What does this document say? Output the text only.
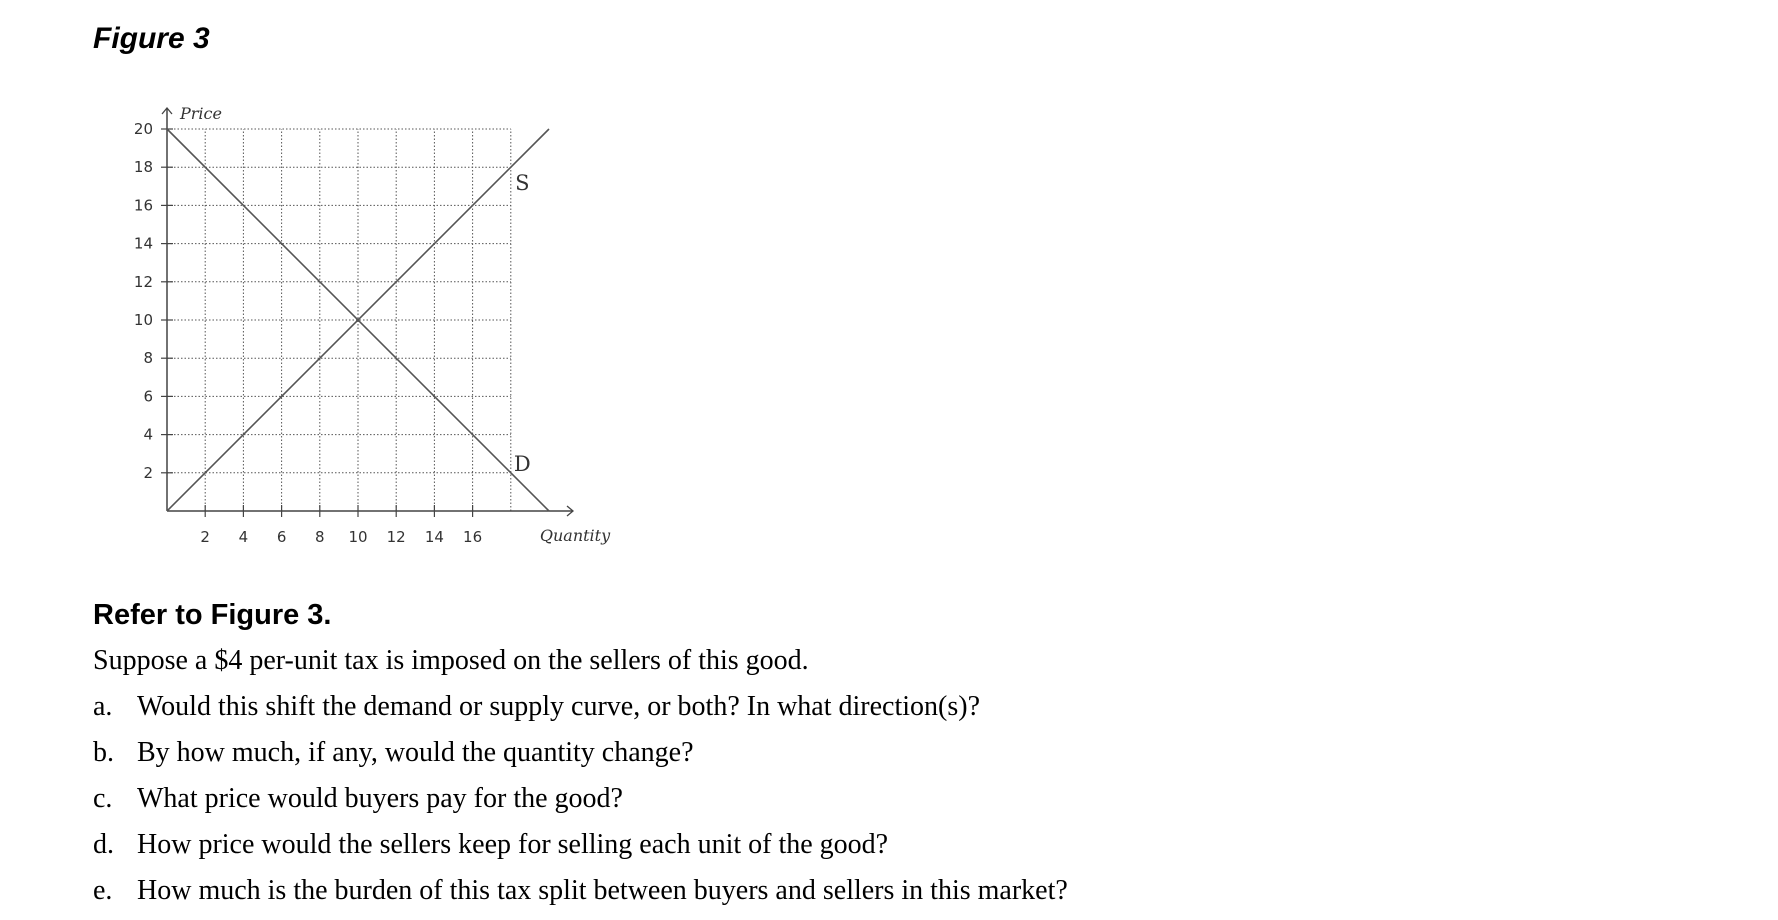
Figure 3
2
4
6
8
10
12
14
16
18
20
2 4 6 8 10 12 14 16
S
D
Price
Quantity
Refer to Figure 3.
Suppose a $4 per-unit tax is imposed on the sellers of this good.
a. Would this shift the demand or supply curve, or both? In what direction(s)?
b. By how much, if any, would the quantity change?
c. What price would buyers pay for the good?
d. How price would the sellers keep for selling each unit of the good?
e. How much is the burden of this tax split between buyers and sellers in this market?
